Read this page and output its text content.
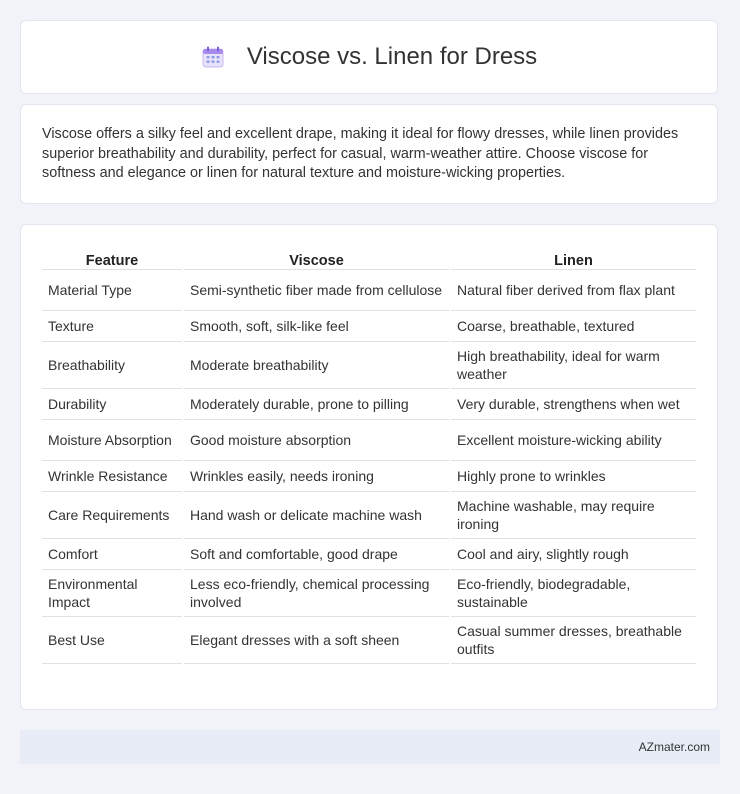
Viscose vs. Linen for Dress

Viscose offers a silky feel and excellent drape, making it ideal for flowy dresses, while linen provides superior breathability and durability, perfect for casual, warm-weather attire. Choose viscose for softness and elegance or linen for natural texture and moisture-wicking properties.

Feature	Viscose	Linen
Material Type	Semi-synthetic fiber made from cellulose	Natural fiber derived from flax plant
Texture	Smooth, soft, silk-like feel	Coarse, breathable, textured
Breathability	Moderate breathability	High breathability, ideal for warm weather
Durability	Moderately durable, prone to pilling	Very durable, strengthens when wet
Moisture Absorption	Good moisture absorption	Excellent moisture-wicking ability
Wrinkle Resistance	Wrinkles easily, needs ironing	Highly prone to wrinkles
Care Requirements	Hand wash or delicate machine wash	Machine washable, may require ironing
Comfort	Soft and comfortable, good drape	Cool and airy, slightly rough
Environmental Impact	Less eco-friendly, chemical processing involved	Eco-friendly, biodegradable, sustainable
Best Use	Elegant dresses with a soft sheen	Casual summer dresses, breathable outfits
AZmater.com
